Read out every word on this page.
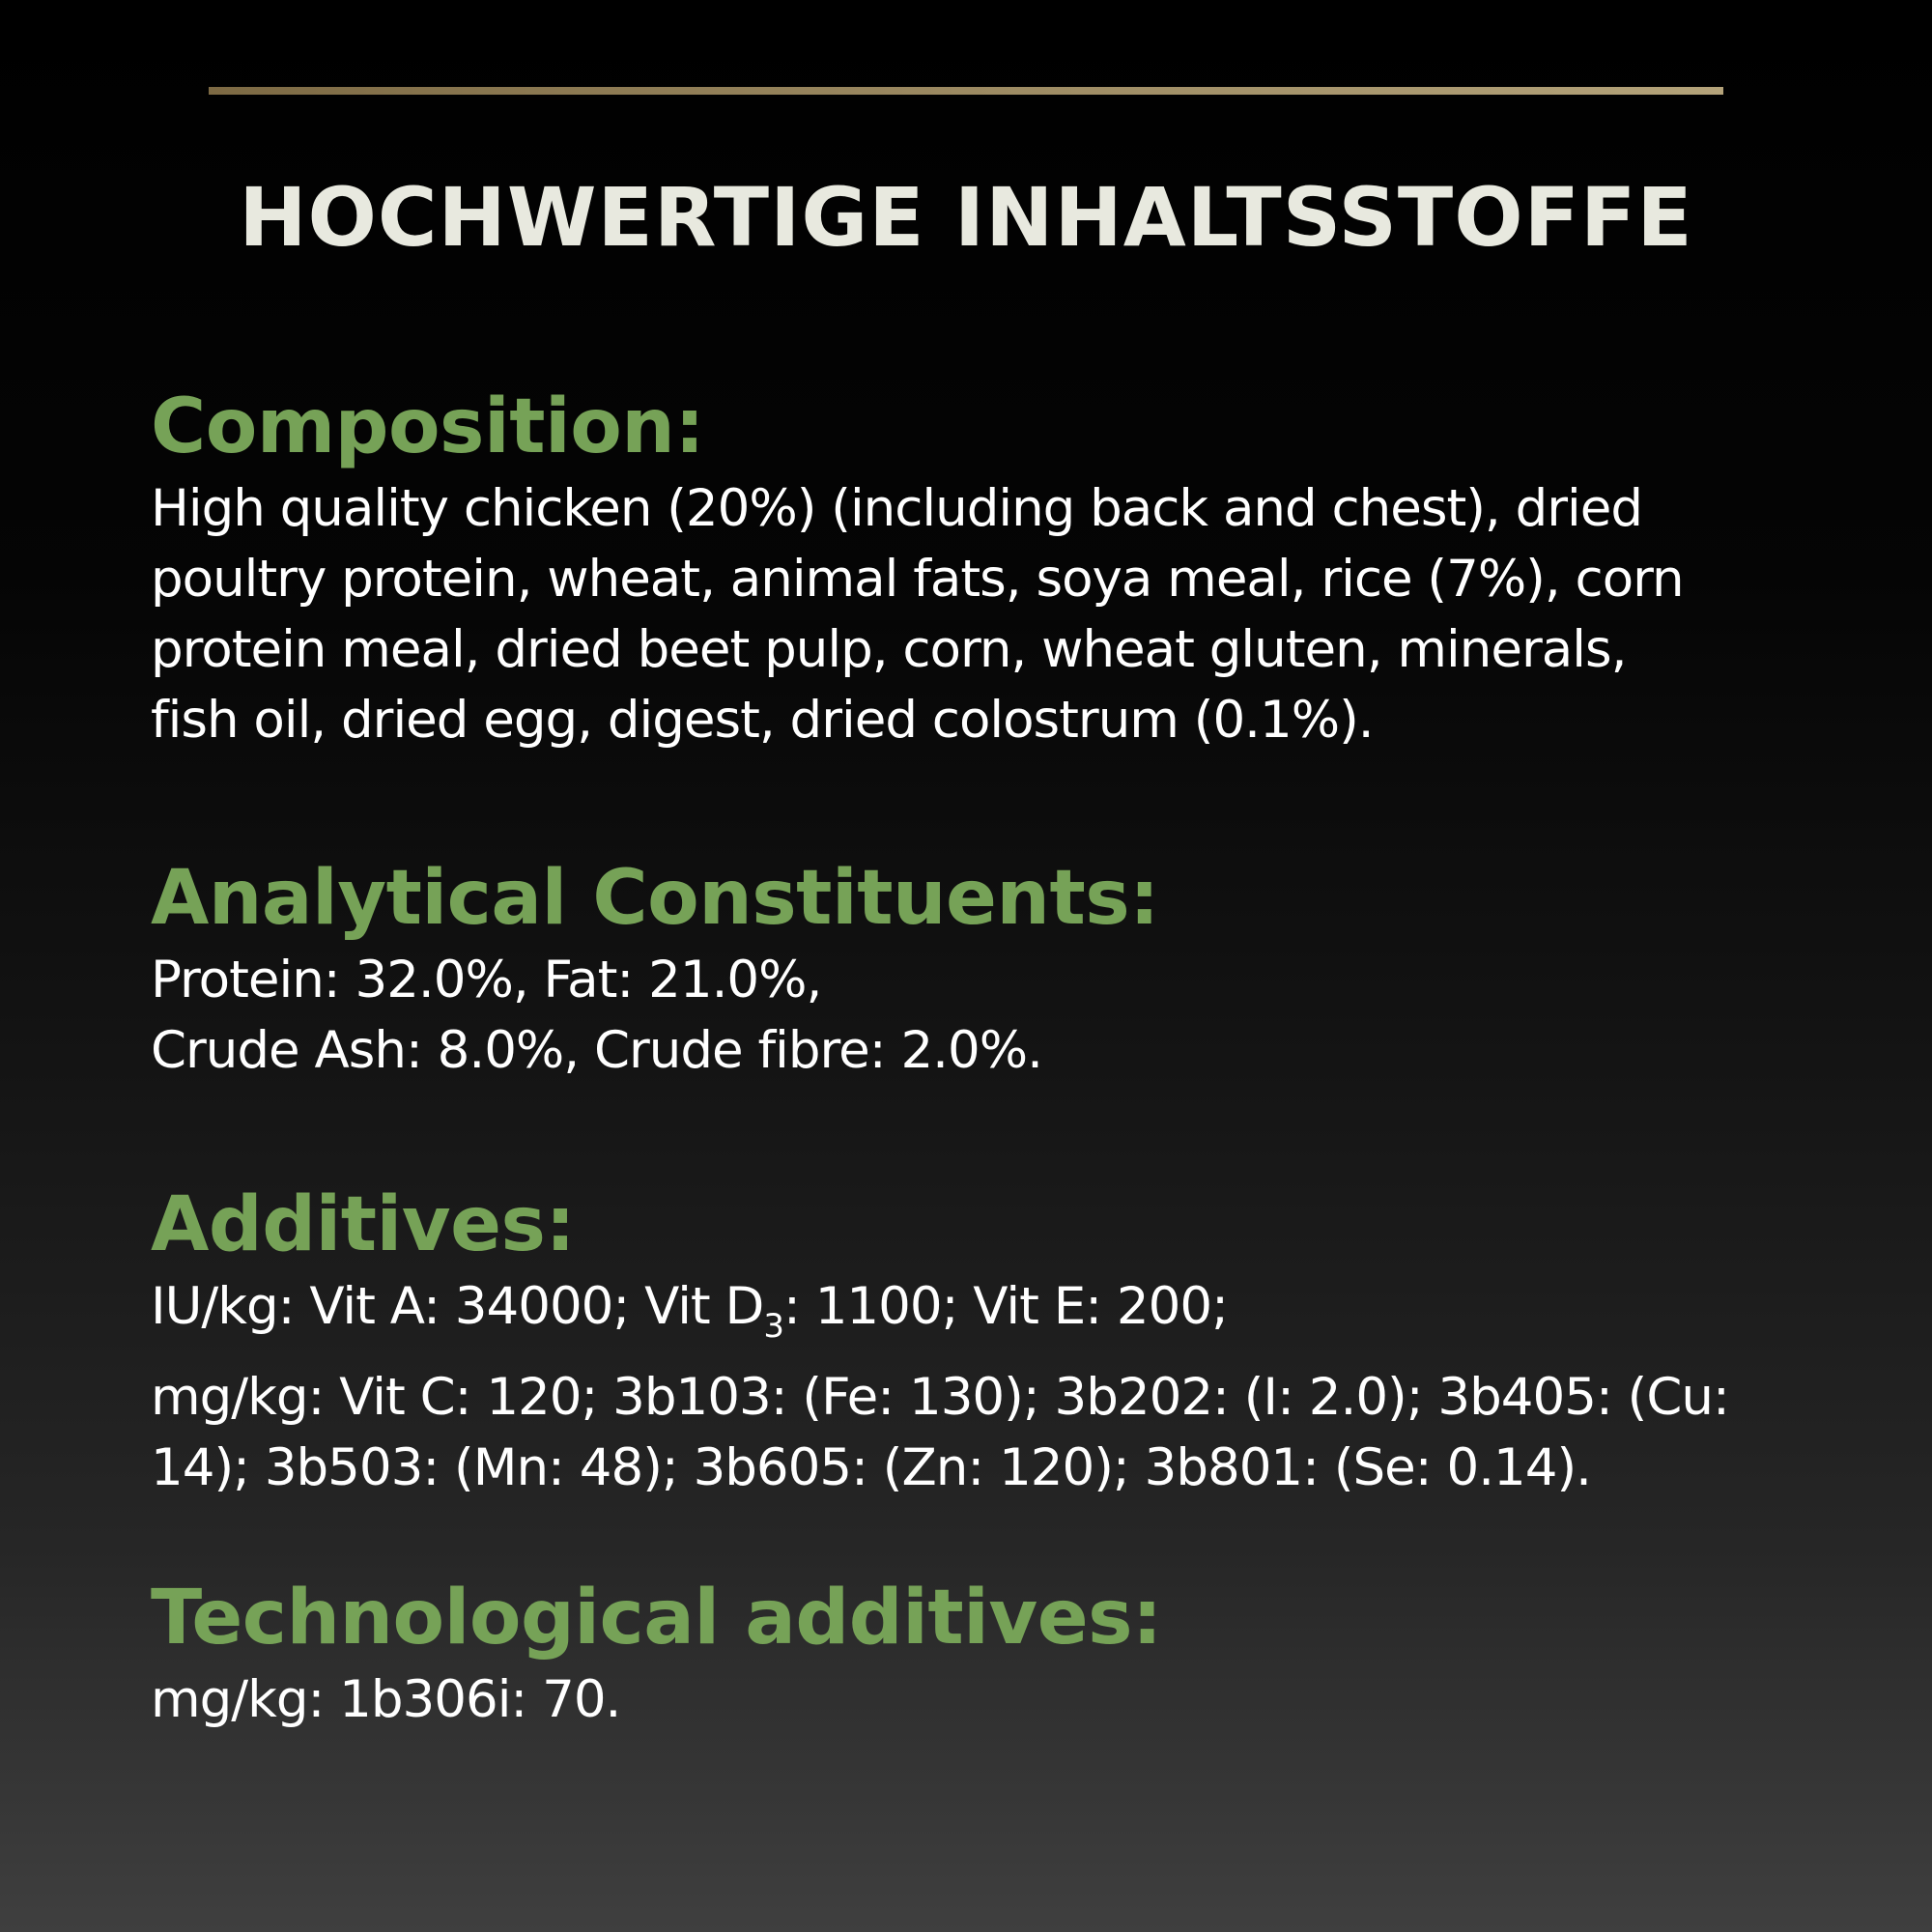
HOCHWERTIGE INHALTSSTOFFE
Composition:

High quality chicken (20%) (including back and chest), dried
poultry protein, wheat, animal fats, soya meal, rice (7%), corn
protein meal, dried beet pulp, corn, wheat gluten, minerals,
fish oil, dried egg, digest, dried colostrum (0.1%).

Analytical Constituents:

Protein: 32.0%, Fat: 21.0%,
Crude Ash: 8.0%, Crude fibre: 2.0%.

Additives:

IU/kg: Vit A: 34000; Vit $D_3$: 1100; Vit E: 200;
mg/kg: Vit C: 120; 3b103: (Fe: 130); 3b202: (I: 2.0); 3b405: (Cu:
14); 3b503: (Mn: 48); 3b605: (Zn: 120); 3b801: (Se: 0.14).

Technological additives:

mg/kg: 1b306i: 70.
